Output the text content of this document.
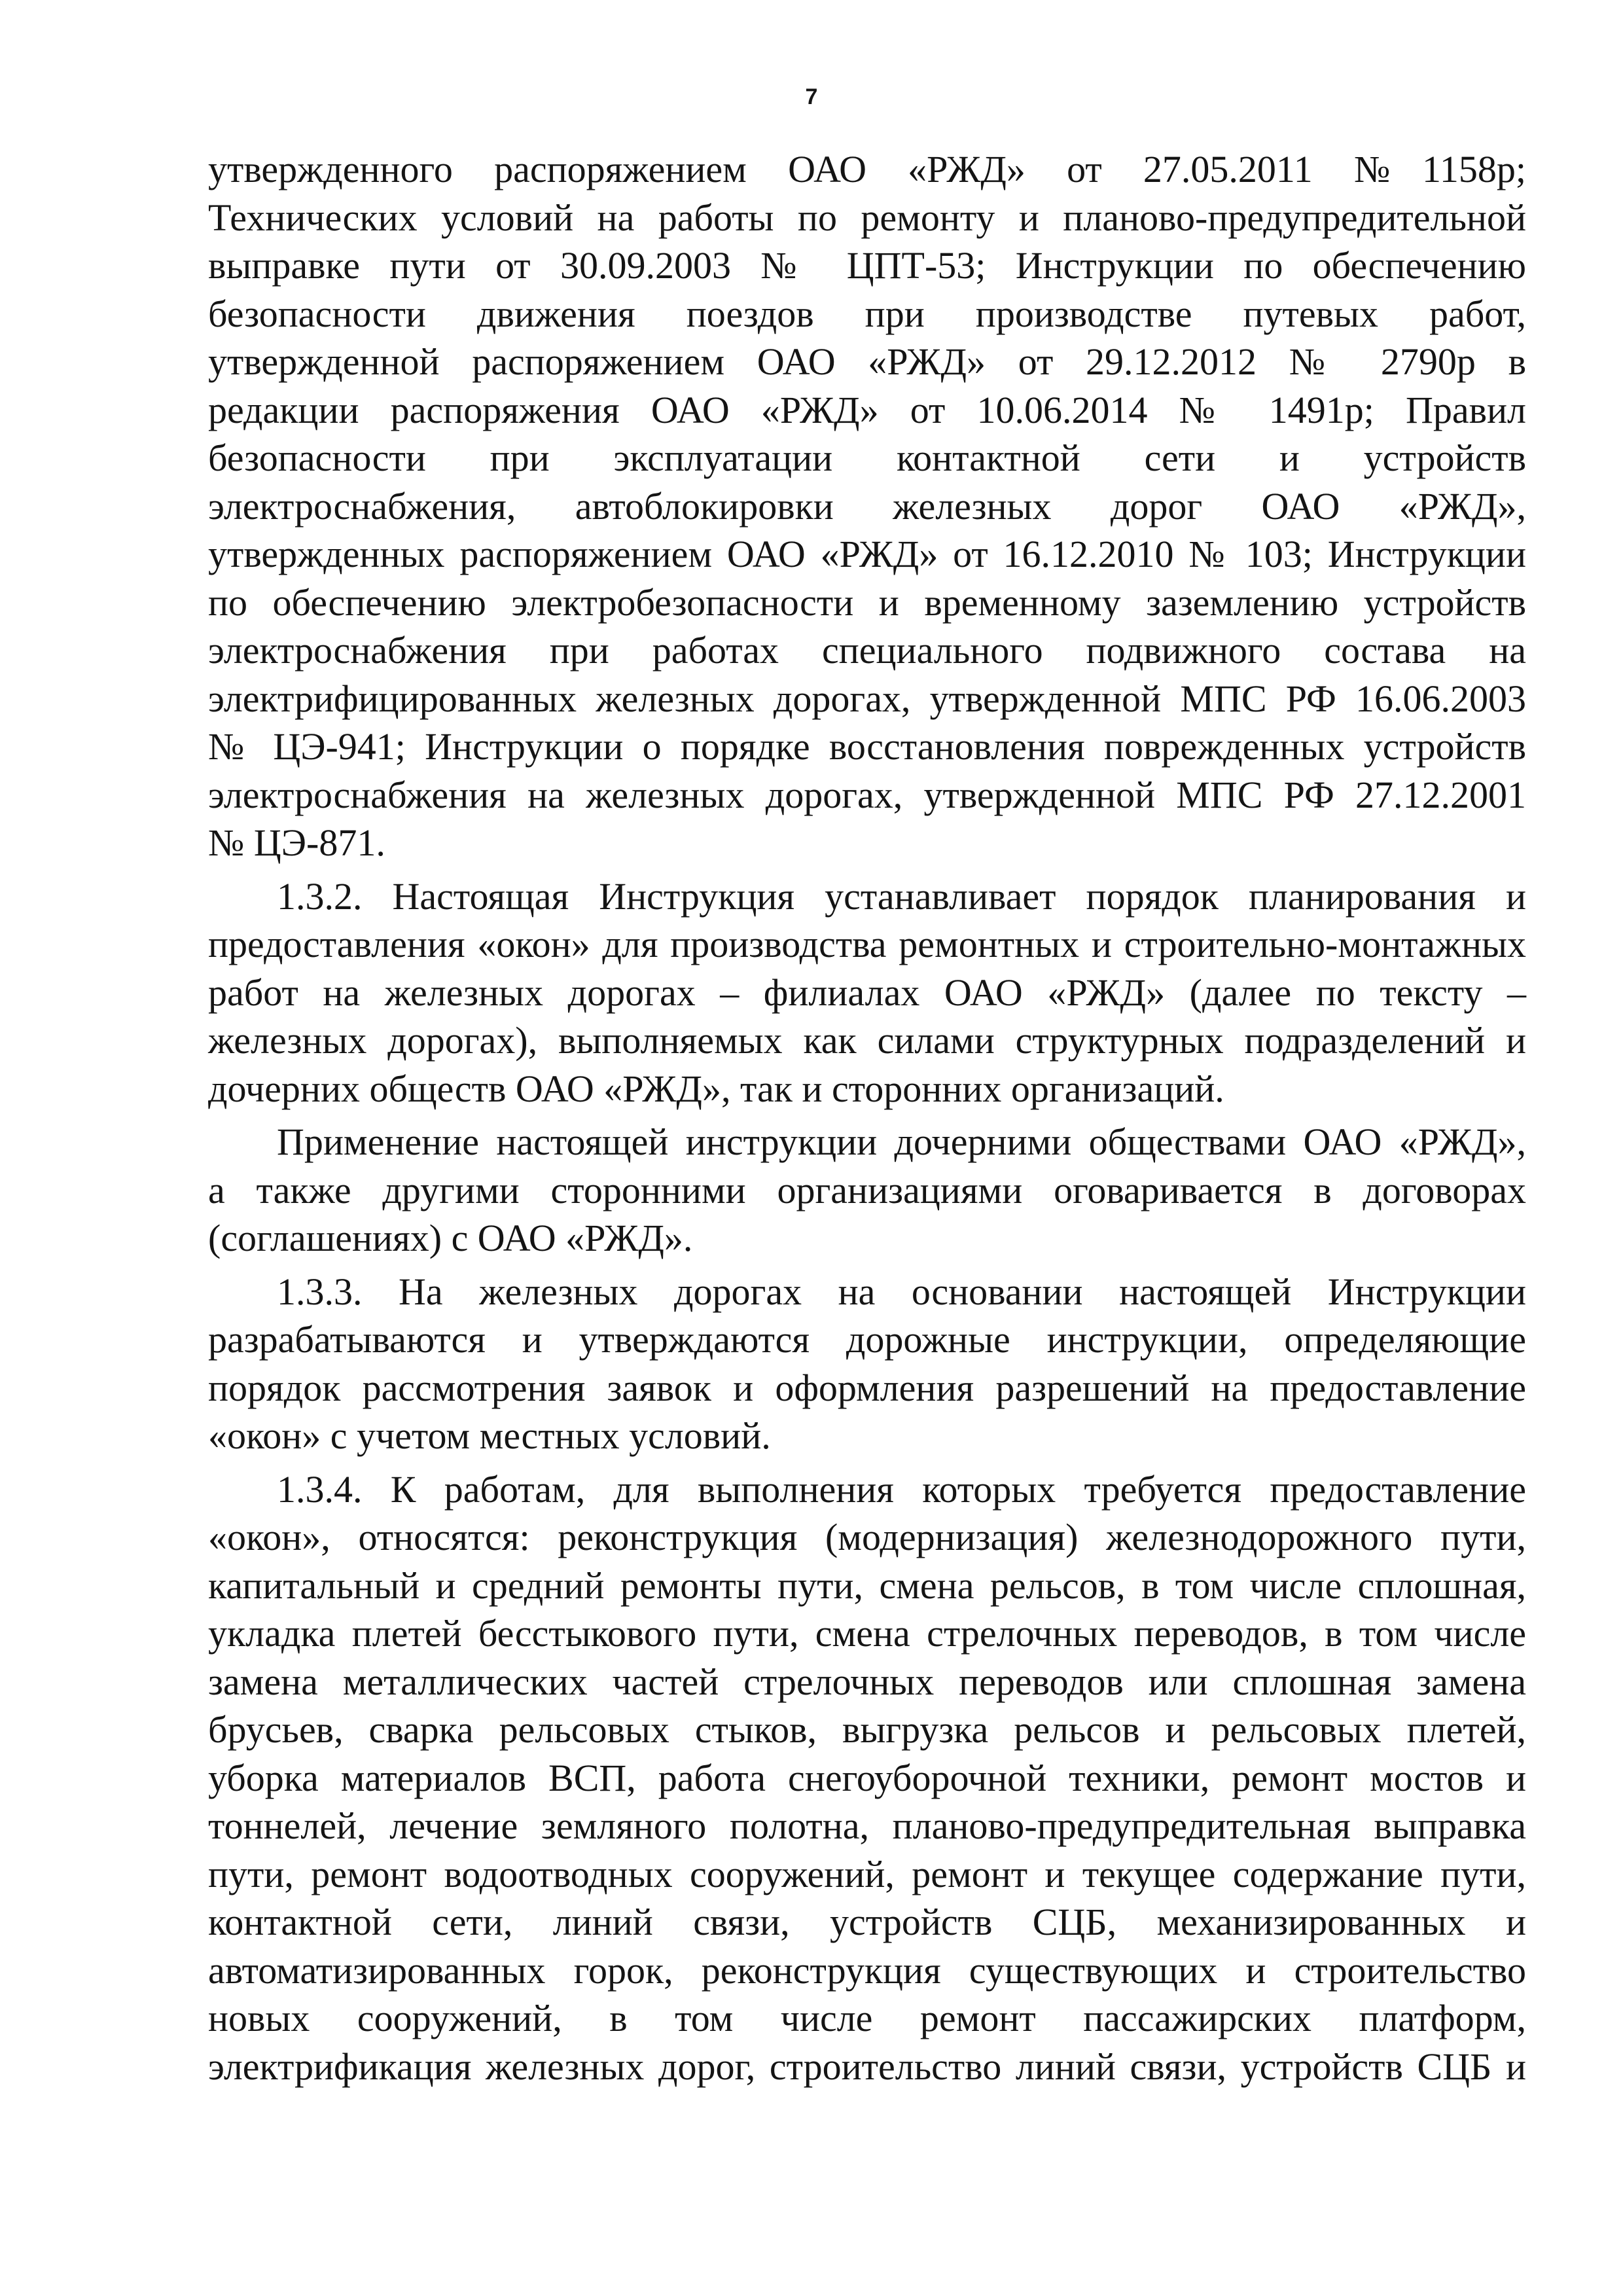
7

утвержденного распоряжением ОАО «РЖД» от 27.05.2011 №1158р;

Технических условий на работы по ремонту и планово-предупредительной

выправке пути от 30.09.2003 № ЦПТ-53; Инструкции по обеспечению

безопасности движения поездов при производстве путевых работ,

утвержденной распоряжением ОАО «РЖД» от 29.12.2012 № 2790р в

редакции распоряжения ОАО «РЖД» от 10.06.2014 № 1491р; Правил

безопасности при эксплуатации контактной сети и устройств

электроснабжения, автоблокировки железных дорог ОАО «РЖД»,

утвержденных распоряжением ОАО «РЖД» от 16.12.2010 № 103; Инструкции

по обеспечению электробезопасности и временному заземлению устройств

электроснабжения при работах специального подвижного состава на

электрифицированных железных дорогах, утвержденной МПС РФ 16.06.2003

№ ЦЭ-941; Инструкции о порядке восстановления поврежденных устройств

электроснабжения на железных дорогах, утвержденной МПС РФ 27.12.2001

№ ЦЭ-871.

1.3.2. Настоящая Инструкция устанавливает порядок планирования и

предоставления «окон» для производства ремонтных и строительно-монтажных

работ на железных дорогах – филиалах ОАО «РЖД» (далее по тексту –

железных дорогах), выполняемых как силами структурных подразделений и

дочерних обществ ОАО «РЖД», так и сторонних организаций.

Применение настоящей инструкции дочерними обществами ОАО «РЖД»,

а также другими сторонними организациями оговаривается в договорах

(соглашениях) с ОАО «РЖД».

1.3.3. На железных дорогах на основании настоящей Инструкции

разрабатываются и утверждаются дорожные инструкции, определяющие

порядок рассмотрения заявок и оформления разрешений на предоставление

«окон» с учетом местных условий.

1.3.4. К работам, для выполнения которых требуется предоставление

«окон», относятся: реконструкция (модернизация) железнодорожного пути,

капитальный и средний ремонты пути, смена рельсов, в том числе сплошная,

укладка плетей бесстыкового пути, смена стрелочных переводов, в том числе

замена металлических частей стрелочных переводов или сплошная замена

брусьев, сварка рельсовых стыков, выгрузка рельсов и рельсовых плетей,

уборка материалов ВСП, работа снегоуборочной техники, ремонт мостов и

тоннелей, лечение земляного полотна, планово-предупредительная выправка

пути, ремонт водоотводных сооружений, ремонт и текущее содержание пути,

контактной сети, линий связи, устройств СЦБ, механизированных и

автоматизированных горок, реконструкция существующих и строительство

новых сооружений, в том числе ремонт пассажирских платформ,

электрификация железных дорог, строительство линий связи, устройств СЦБ и
